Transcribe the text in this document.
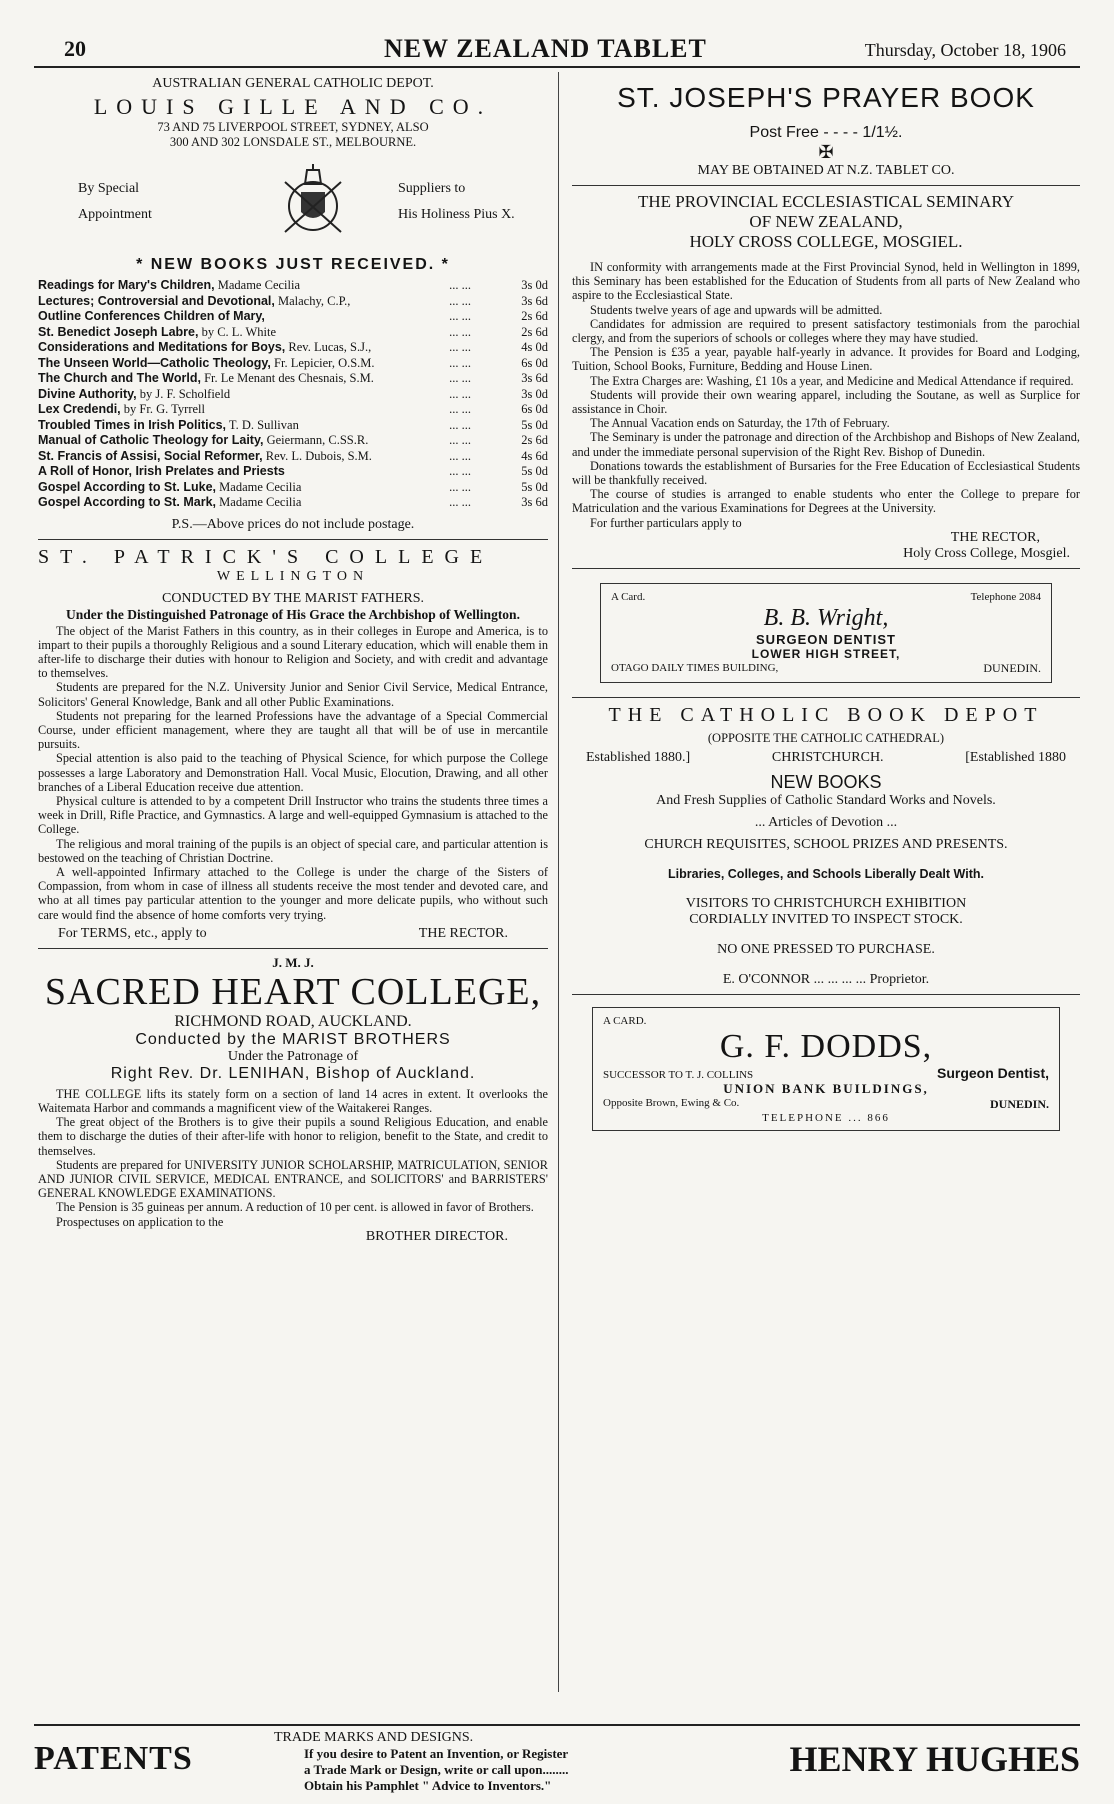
20	NEW ZEALAND TABLET	Thursday, October 18, 1906

AUSTRALIAN GENERAL CATHOLIC DEPOT.

LOUIS GILLE AND CO.

73 AND 75 LIVERPOOL STREET, SYDNEY, ALSO

300 AND 302 LONSDALE ST., MELBOURNE.

By Special

Appointment

Suppliers to

His Holiness Pius X.

* NEW BOOKS JUST RECEIVED. *

Readings for Mary's Children, Madame Cecilia	... ...	3s 0d
Lectures; Controversial and Devotional, Malachy, C.P.,	... ...	3s 6d
Outline Conferences Children of Mary,	... ...	2s 6d
St. Benedict Joseph Labre, by C. L. White	... ...	2s 6d
Considerations and Meditations for Boys, Rev. Lucas, S.J.,	... ...	4s 0d
The Unseen World—Catholic Theology, Fr. Lepicier, O.S.M.	... ...	6s 0d
The Church and The World, Fr. Le Menant des Chesnais, S.M.	... ...	3s 6d
Divine Authority, by J. F. Scholfield	... ...	3s 0d
Lex Credendi, by Fr. G. Tyrrell	... ...	6s 0d
Troubled Times in Irish Politics, T. D. Sullivan	... ...	5s 0d
Manual of Catholic Theology for Laity, Geiermann, C.SS.R.	... ...	2s 6d
St. Francis of Assisi, Social Reformer, Rev. L. Dubois, S.M.	... ...	4s 6d
A Roll of Honor, Irish Prelates and Priests	... ...	5s 0d
Gospel According to St. Luke, Madame Cecilia	... ...	5s 0d
Gospel According to St. Mark, Madame Cecilia	... ...	3s 6d

P.S.—Above prices do not include postage.

ST. PATRICK'S COLLEGE

WELLINGTON

CONDUCTED BY THE MARIST FATHERS.

Under the Distinguished Patronage of His Grace the Archbishop of Wellington.

The object of the Marist Fathers in this country, as in their colleges in Europe and America, is to impart to their pupils a thoroughly Religious and a sound Literary education, which will enable them in after-life to discharge their duties with honour to Religion and Society, and with credit and advantage to themselves.

Students are prepared for the N.Z. University Junior and Senior Civil Service, Medical Entrance, Solicitors' General Knowledge, Bank and all other Public Examinations.

Students not preparing for the learned Professions have the advantage of a Special Commercial Course, under efficient management, where they are taught all that will be of use in mercantile pursuits.

Special attention is also paid to the teaching of Physical Science, for which purpose the College possesses a large Laboratory and Demonstration Hall. Vocal Music, Elocution, Drawing, and all other branches of a Liberal Education receive due attention.

Physical culture is attended to by a competent Drill Instructor who trains the students three times a week in Drill, Rifle Practice, and Gymnastics. A large and well-equipped Gymnasium is attached to the College.

The religious and moral training of the pupils is an object of special care, and particular attention is bestowed on the teaching of Christian Doctrine.

A well-appointed Infirmary attached to the College is under the charge of the Sisters of Compassion, from whom in case of illness all students receive the most tender and devoted care, and who at all times pay particular attention to the younger and more delicate pupils, who without such care would find the absence of home comforts very trying.

For TERMS, etc., apply to	THE RECTOR.

J. M. J.

SACRED HEART COLLEGE,

RICHMOND ROAD, AUCKLAND.

Conducted by the MARIST BROTHERS

Under the Patronage of

Right Rev. Dr. LENIHAN, Bishop of Auckland.

THE COLLEGE lifts its stately form on a section of land 14 acres in extent. It overlooks the Waitemata Harbor and commands a magnificent view of the Waitakerei Ranges.

The great object of the Brothers is to give their pupils a sound Religious Education, and enable them to discharge the duties of their after-life with honor to religion, benefit to the State, and credit to themselves.

Students are prepared for UNIVERSITY JUNIOR SCHOLARSHIP, MATRICULATION, SENIOR AND JUNIOR CIVIL SERVICE, MEDICAL ENTRANCE, and SOLICITORS' and BARRISTERS' GENERAL KNOWLEDGE EXAMINATIONS.

The Pension is 35 guineas per annum. A reduction of 10 per cent. is allowed in favor of Brothers.

Prospectuses on application to the

BROTHER DIRECTOR.

ST. JOSEPH'S PRAYER BOOK

Post Free - - - - 1/1½.

✠

MAY BE OBTAINED AT N.Z. TABLET CO.

THE PROVINCIAL ECCLESIASTICAL SEMINARY

OF NEW ZEALAND,

HOLY CROSS COLLEGE, MOSGIEL.

IN conformity with arrangements made at the First Provincial Synod, held in Wellington in 1899, this Seminary has been established for the Education of Students from all parts of New Zealand who aspire to the Ecclesiastical State.

Students twelve years of age and upwards will be admitted.

Candidates for admission are required to present satisfactory testimonials from the parochial clergy, and from the superiors of schools or colleges where they may have studied.

The Pension is £35 a year, payable half-yearly in advance. It provides for Board and Lodging, Tuition, School Books, Furniture, Bedding and House Linen.

The Extra Charges are: Washing, £1 10s a year, and Medicine and Medical Attendance if required.

Students will provide their own wearing apparel, including the Soutane, as well as Surplice for assistance in Choir.

The Annual Vacation ends on Saturday, the 17th of February.

The Seminary is under the patronage and direction of the Archbishop and Bishops of New Zealand, and under the immediate personal supervision of the Right Rev. Bishop of Dunedin.

Donations towards the establishment of Bursaries for the Free Education of Ecclesiastical Students will be thankfully received.

The course of studies is arranged to enable students who enter the College to prepare for Matriculation and the various Examinations for Degrees at the University.

For further particulars apply to

THE RECTOR,

Holy Cross College, Mosgiel.

A Card.	Telephone 2084

B. B. Wright,

SURGEON DENTIST

LOWER HIGH STREET,

OTAGO DAILY TIMES BUILDING,	DUNEDIN.

THE CATHOLIC BOOK DEPOT

(OPPOSITE THE CATHOLIC CATHEDRAL)

Established 1880.]	CHRISTCHURCH.	[Established 1880

NEW BOOKS

And Fresh Supplies of Catholic Standard Works and Novels.

... Articles of Devotion ...

CHURCH REQUISITES, SCHOOL PRIZES AND PRESENTS.

Libraries, Colleges, and Schools Liberally Dealt With.

VISITORS TO CHRISTCHURCH EXHIBITION

CORDIALLY INVITED TO INSPECT STOCK.

NO ONE PRESSED TO PURCHASE.

E. O'CONNOR ... ... ... ... Proprietor.

A CARD.

G. F. DODDS,

SUCCESSOR TO T. J. COLLINS	Surgeon Dentist,

UNION BANK BUILDINGS,

Opposite Brown, Ewing & Co.	DUNEDIN.

TELEPHONE ... 866

PATENTS
TRADE MARKS AND DESIGNS.
If you desire to Patent an Invention, or Register
a Trade Mark or Design, write or call upon........
Obtain his Pamphlet " Advice to Inventors."
HENRY HUGHES
